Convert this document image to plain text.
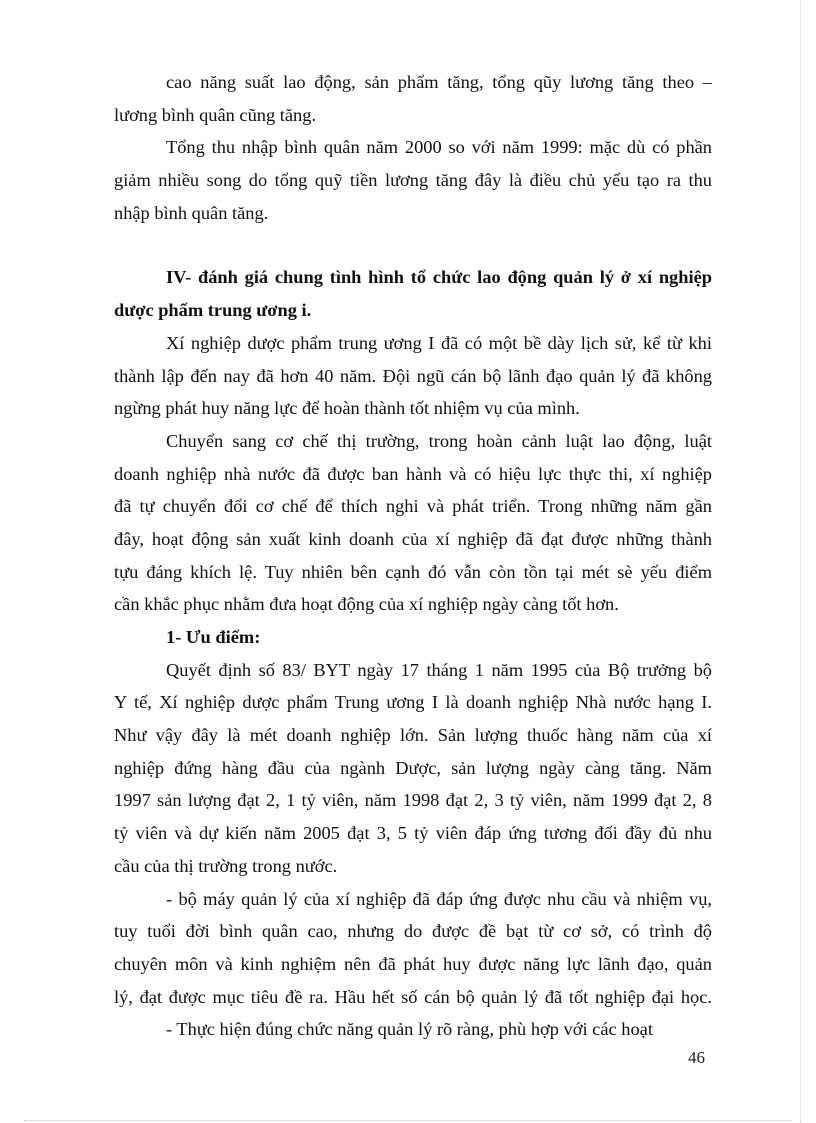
cao năng suất lao động, sản phẩm tăng, tổng qũy lương tăng theo –
lương bình quân cũng tăng.
Tổng thu nhập bình quân năm 2000 so với năm 1999: mặc dù có phần
giảm nhiều song do tổng quỹ tiền lương tăng đây là điều chủ yếu tạo ra thu
nhập bình quân tăng.
IV- đánh giá chung tình hình tổ chức lao động quản lý ở xí nghiệp
dược phẩm trung ương i.
Xí nghiệp dược phẩm trung ương I đã có một bề dày lịch sử, kể từ khi
thành lập đến nay đã hơn 40 năm. Đội ngũ cán bộ lãnh đạo quản lý đã không
ngừng phát huy năng lực để hoàn thành tốt nhiệm vụ của mình.
Chuyển sang cơ chế thị trường, trong hoàn cảnh luật lao động, luật
doanh nghiệp nhà nước đã được ban hành và có hiệu lực thực thi, xí nghiệp
đã tự chuyển đổi cơ chế để thích nghi và phát triển. Trong những năm gần
đây, hoạt động sản xuất kinh doanh của xí nghiệp đã đạt được những thành
tựu đáng khích lệ. Tuy nhiên bên cạnh đó vẫn còn tồn tại mét sè yếu điểm
cần khắc phục nhằm đưa hoạt động của xí nghiệp ngày càng tốt hơn.
1- Ưu điểm:
Quyết định số 83/ BYT ngày 17 tháng 1 năm 1995 của Bộ trưởng bộ
Y tế, Xí nghiệp dược phẩm Trung ương I là doanh nghiệp Nhà nước hạng I.
Như vậy đây là mét doanh nghiệp lớn. Sản lượng thuốc hàng năm của xí
nghiệp đứng hàng đầu của ngành Dược, sản lượng ngày càng tăng. Năm
1997 sản lượng đạt 2, 1 tỷ viên, năm 1998 đạt 2, 3 tỷ viên, năm 1999 đạt 2, 8
tỷ viên và dự kiến năm 2005 đạt 3, 5 tỷ viên đáp ứng tương đối đầy đủ nhu
cầu của thị trường trong nước.
- bộ máy quản lý của xí nghiệp đã đáp ứng được nhu cầu và nhiệm vụ,
tuy tuổi đời bình quân cao, nhưng do được đề bạt từ cơ sở, có trình độ
chuyên môn và kinh nghiệm nên đã phát huy được năng lực lãnh đạo, quản
lý, đạt được mục tiêu đề ra. Hầu hết số cán bộ quản lý đã tốt nghiệp đại học.
- Thực hiện đúng chức năng quản lý rõ ràng, phù hợp với các hoạt
46
